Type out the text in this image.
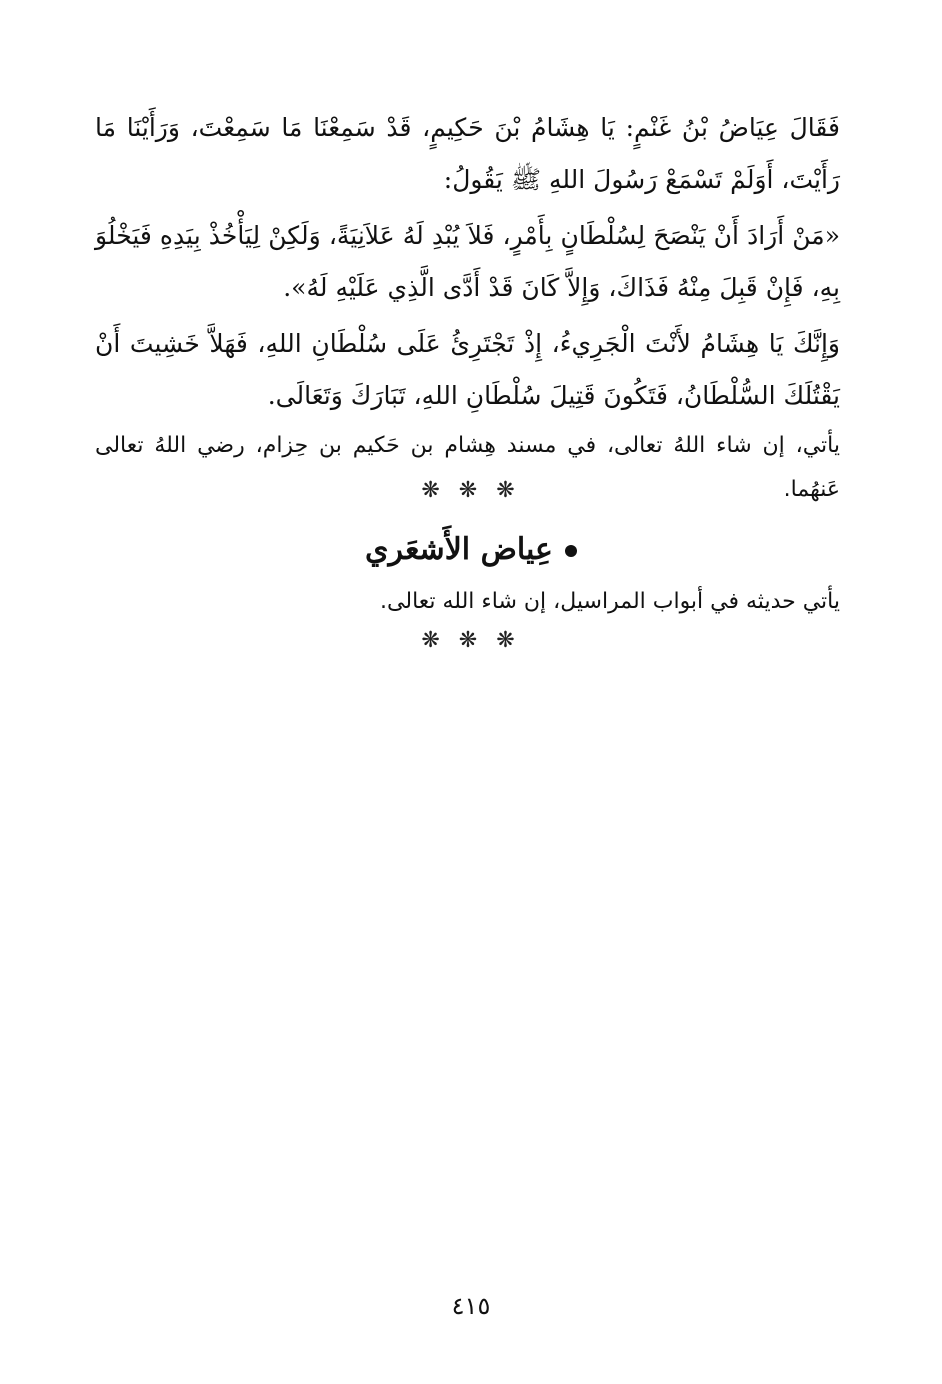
فَقَالَ عِيَاضُ بْنُ غَنْمٍ: يَا هِشَامُ بْنَ حَكِيمٍ، قَدْ سَمِعْنَا مَا سَمِعْتَ، وَرَأَيْنَا مَا رَأَيْتَ، أَوَلَمْ تَسْمَعْ رَسُولَ اللهِ ﷺ يَقُولُ:

«مَنْ أَرَادَ أَنْ يَنْصَحَ لِسُلْطَانٍ بِأَمْرٍ، فَلاَ يُبْدِ لَهُ عَلاَنِيَةً، وَلَكِنْ لِيَأْخُذْ بِيَدِهِ فَيَخْلُوَ بِهِ، فَإِنْ قَبِلَ مِنْهُ فَذَاكَ، وَإِلاَّ كَانَ قَدْ أَدَّى الَّذِي عَلَيْهِ لَهُ».

وَإِنَّكَ يَا هِشَامُ لأَنْتَ الْجَرِيءُ، إِذْ تَجْتَرِئُ عَلَى سُلْطَانِ اللهِ، فَهَلاَّ خَشِيتَ أَنْ يَقْتُلَكَ السُّلْطَانُ، فَتَكُونَ قَتِيلَ سُلْطَانِ اللهِ، تَبَارَكَ وَتَعَالَى.

يأتي، إن شاء اللهُ تعالى، في مسند هِشام بن حَكيم بن حِزام، رضي اللهُ تعالى عَنهُما.

❋ ❋ ❋

عِياض الأَشعَري

يأتي حديثه في أبواب المراسيل، إن شاء الله تعالى.

❋ ❋ ❋

٤١٥
